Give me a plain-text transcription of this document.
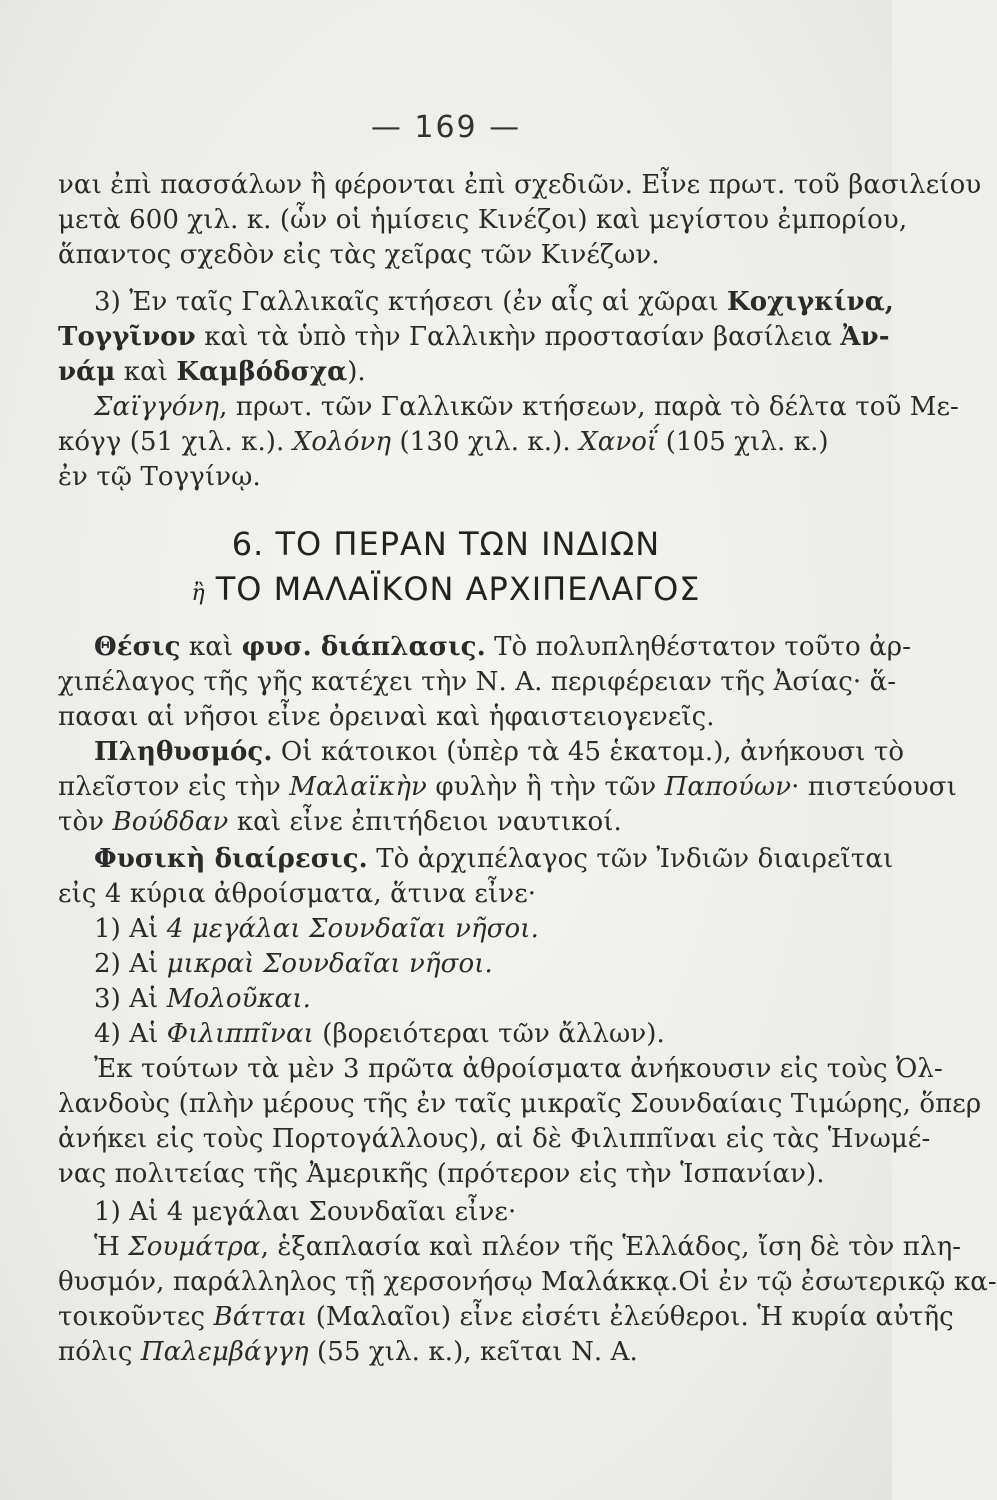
— 169 —
ναι ἐπὶ πασσάλων ἢ φέρονται ἐπὶ σχεδιῶν. Εἶνε πρωτ. τοῦ βασιλείου
μετὰ 600 χιλ. κ. (ὧν οἱ ἡμίσεις Κινέζοι) καὶ μεγίστου ἐμπορίου,
ἅπαντος σχεδὸν εἰς τὰς χεῖρας τῶν Κινέζων.
3) Ἐν ταῖς Γαλλικαῖς κτήσεσι (ἐν αἷς αἱ χῶραι Κοχιγκίνα,
Τογγῖνον καὶ τὰ ὑπὸ τὴν Γαλλικὴν προστασίαν βασίλεια Ἀν-
νάμ καὶ Καμβόδσχα).
Σαϊγγόνη, πρωτ. τῶν Γαλλικῶν κτήσεων, παρὰ τὸ δέλτα τοῦ Με-
κόγγ (51 χιλ. κ.). Χολόνη (130 χιλ. κ.). Χανοΐ (105 χιλ. κ.)
ἐν τῷ Τογγίνῳ.
6. ΤΟ ΠΕΡΑΝ ΤΩΝ ΙΝΔΙΩΝ
ἢ ΤΟ ΜΑΛΑΪΚΟΝ ΑΡΧΙΠΕΛΑΓΟΣ
Θέσις καὶ φυσ. διάπλασις. Τὸ πολυπληθέστατον τοῦτο ἀρ-
χιπέλαγος τῆς γῆς κατέχει τὴν Ν. Α. περιφέρειαν τῆς Ἀσίας· ἅ-
πασαι αἱ νῆσοι εἶνε ὀρειναὶ καὶ ἡφαιστειογενεῖς.
Πληθυσμός. Οἱ κάτοικοι (ὑπὲρ τὰ 45 ἑκατομ.), ἀνήκουσι τὸ
πλεῖστον εἰς τὴν Μαλαϊκὴν φυλὴν ἢ τὴν τῶν Παπούων· πιστεύουσι
τὸν Βούδδαν καὶ εἶνε ἐπιτήδειοι ναυτικοί.
Φυσικὴ διαίρεσις. Τὸ ἀρχιπέλαγος τῶν Ἰνδιῶν διαιρεῖται
εἰς 4 κύρια ἀθροίσματα, ἅτινα εἶνε·
1) Αἱ 4 μεγάλαι Σουνδαῖαι νῆσοι.
2) Αἱ μικραὶ Σουνδαῖαι νῆσοι.
3) Αἱ Μολοῦκαι.
4) Αἱ Φιλιππῖναι (βορειότεραι τῶν ἄλλων).
Ἐκ τούτων τὰ μὲν 3 πρῶτα ἀθροίσματα ἀνήκουσιν εἰς τοὺς Ὀλ-
λανδοὺς (πλὴν μέρους τῆς ἐν ταῖς μικραῖς Σουνδαίαις Τιμώρης, ὅπερ
ἀνήκει εἰς τοὺς Πορτογάλλους), αἱ δὲ Φιλιππῖναι εἰς τὰς Ἡνωμέ-
νας πολιτείας τῆς Ἀμερικῆς (πρότερον εἰς τὴν Ἱσπανίαν).
1) Αἱ 4 μεγάλαι Σουνδαῖαι εἶνε·
Ἡ Σουμάτρα, ἑξαπλασία καὶ πλέον τῆς Ἑλλάδος, ἴση δὲ τὸν πλη-
θυσμόν, παράλληλος τῇ χερσονήσῳ Μαλάκκᾳ.Οἱ ἐν τῷ ἐσωτερικῷ κα-
τοικοῦντες Βάτται (Μαλαῖοι) εἶνε εἰσέτι ἐλεύθεροι. Ἡ κυρία αὐτῆς
πόλις Παλεμβάγγη (55 χιλ. κ.), κεῖται Ν. Α.
